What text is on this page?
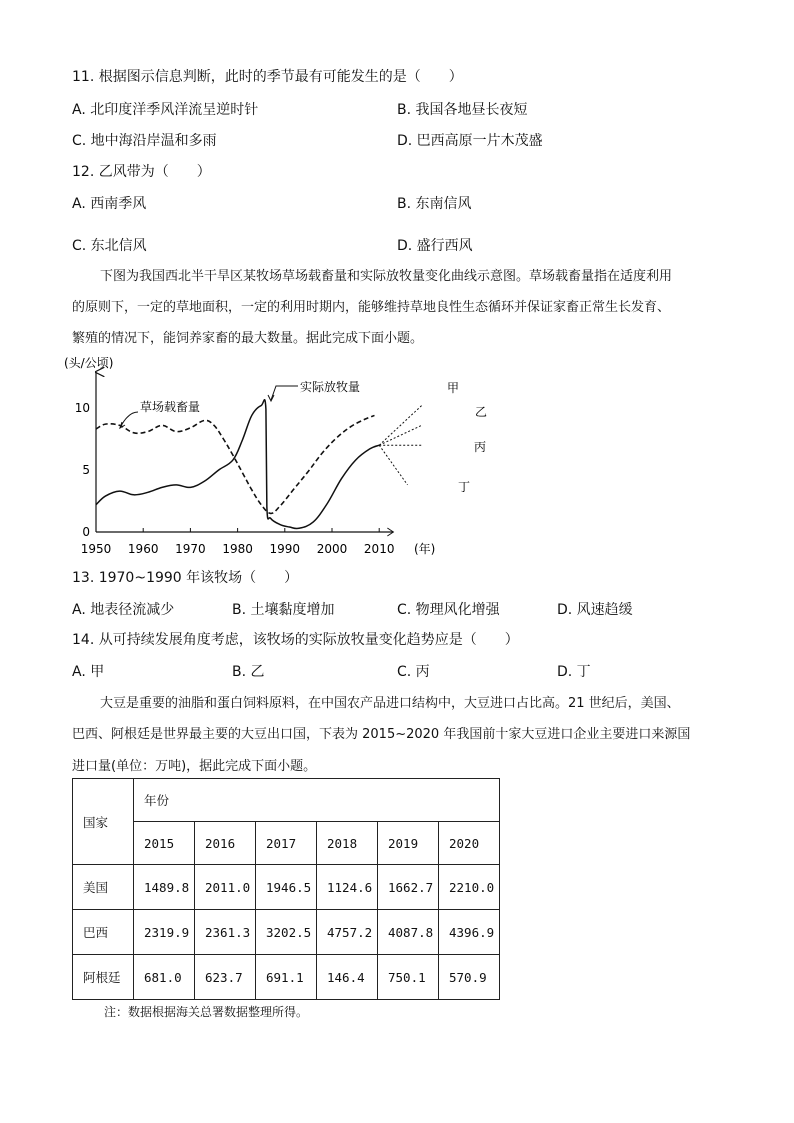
11. 根据图示信息判断，此时的季节最有可能发生的是（　　）
A. 北印度洋季风洋流呈逆时针	B. 我国各地昼长夜短
C. 地中海沿岸温和多雨	D. 巴西高原一片木茂盛
12. 乙风带为（　　）
A. 西南季风	B. 东南信风
C. 东北信风	D. 盛行西风
下图为我国西北半干旱区某牧场草场载畜量和实际放牧量变化曲线示意图。草场载畜量指在适度利用
的原则下，一定的草地面积，一定的利用时期内，能够维持草地良性生态循环并保证家畜正常生长发育、
繁殖的情况下，能饲养家畜的最大数量。据此完成下面小题。
1950 1960 1970 1980 1990 2000 2010
0
5
10
(头/公顷)
(年)
草场载畜量
实际放牧量	甲
乙
丙
丁
13. 1970~1990 年该牧场（　　）
A. 地表径流减少	B. 土壤黏度增加	C. 物理风化增强	D. 风速趋缓
14. 从可持续发展角度考虑，该牧场的实际放牧量变化趋势应是（　　）
A. 甲	B. 乙	C. 丙	D. 丁
大豆是重要的油脂和蛋白饲料原料，在中国农产品进口结构中，大豆进口占比高。21 世纪后，美国、
巴西、阿根廷是世界最主要的大豆出口国，下表为 2015~2020 年我国前十家大豆进口企业主要进口来源国
进口量(单位：万吨)，据此完成下面小题。
国家	年份					
	2015	2016	2017	2018	2019	2020
美国	1489.8	2011.0	1946.5	1124.6	1662.7	2210.0
巴西	2319.9	2361.3	3202.5	4757.2	4087.8	4396.9
阿根廷	681.0	623.7	691.1	146.4	750.1	570.9
注：数据根据海关总署数据整理所得。
